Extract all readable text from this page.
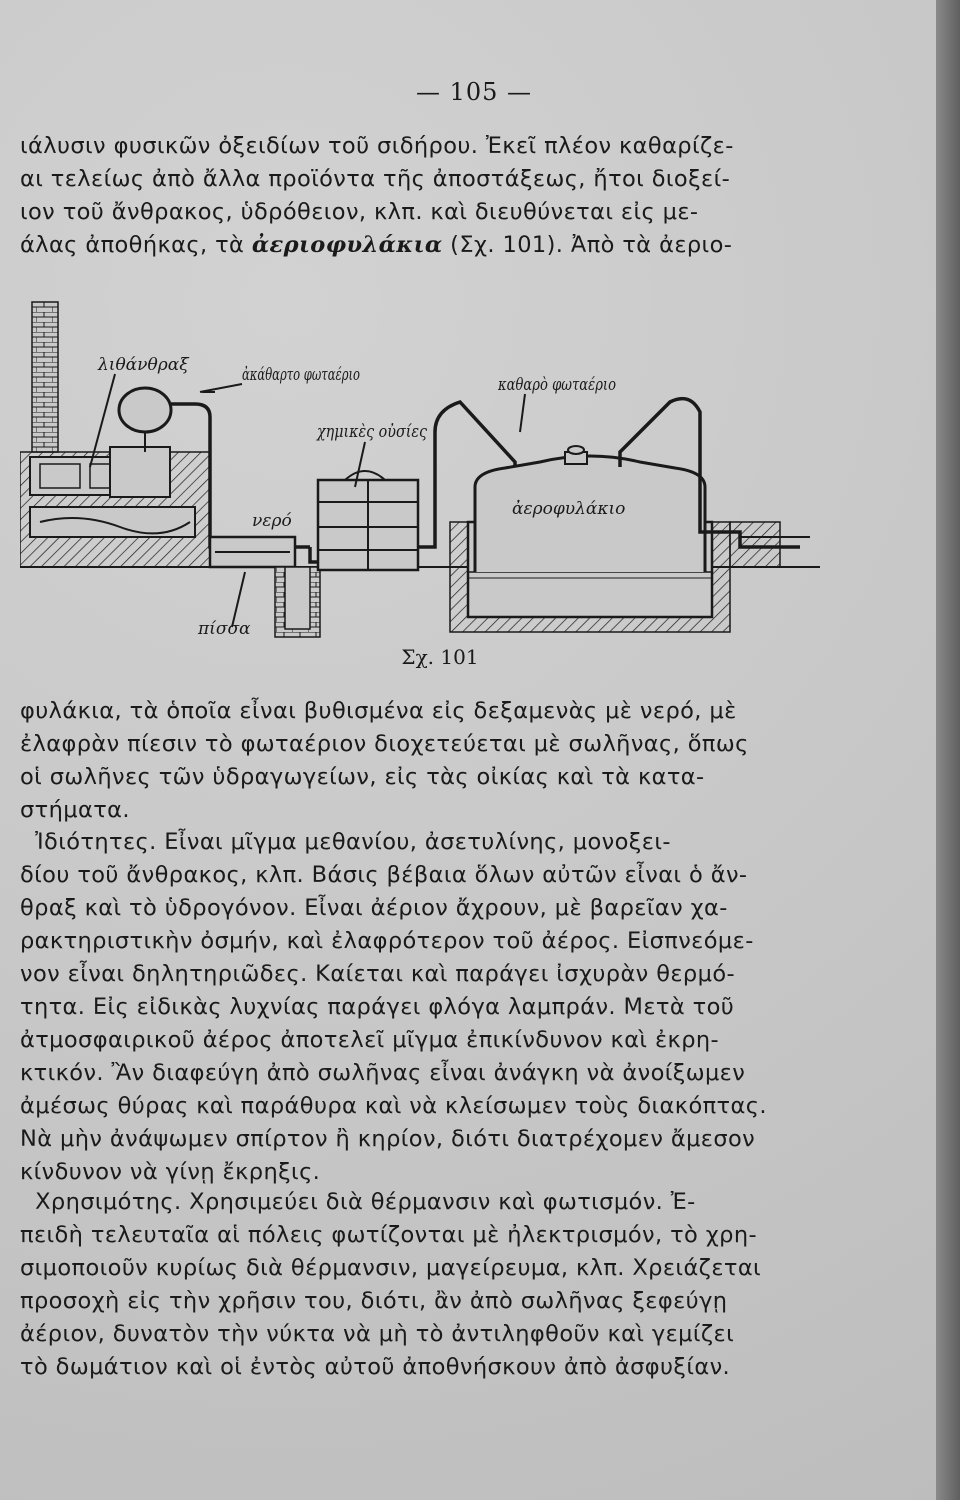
— 105 —
ιάλυσιν φυσικῶν ὀξειδίων τοῦ σιδήρου. Ἐκεῖ πλέον καθαρίζε-
αι τελείως ἀπὸ ἄλλα προϊόντα τῆς ἀποστάξεως, ἤτοι διοξεί-
ιον τοῦ ἄνθρακος, ὑδρόθειον, κλπ. καὶ διευθύνεται εἰς με-
άλας ἀποθήκας, τὰ ἀεριοφυλάκια (Σχ. 101). Ἀπὸ τὰ ἀεριο-
λιθάνθραξ	ἀκάθαρτο φωταέριο
χημικὲς οὐσίες
καθαρὸ φωταέριο
νερό
ἀεροφυλάκιο
πίσσα
Σχ. 101
φυλάκια, τὰ ὁποῖα εἶναι βυθισμένα εἰς δεξαμενὰς μὲ νερό, μὲ
ἐλαφρὰν πίεσιν τὸ φωταέριον διοχετεύεται μὲ σωλῆνας, ὅπως
οἱ σωλῆνες τῶν ὑδραγωγείων, εἰς τὰς οἰκίας καὶ τὰ κατα-
στήματα.
Ἰδιότητες. Εἶναι μῖγμα μεθανίου, ἀσετυλίνης, μονοξει-
δίου τοῦ ἄνθρακος, κλπ. Βάσις βέβαια ὅλων αὐτῶν εἶναι ὁ ἄν-
θραξ καὶ τὸ ὑδρογόνον. Εἶναι ἀέριον ἄχρουν, μὲ βαρεῖαν χα-
ρακτηριστικὴν ὀσμήν, καὶ ἐλαφρότερον τοῦ ἀέρος. Εἰσπνεόμε-
νον εἶναι δηλητηριῶδες. Καίεται καὶ παράγει ἰσχυρὰν θερμό-
τητα. Εἰς εἰδικὰς λυχνίας παράγει φλόγα λαμπράν. Μετὰ τοῦ
ἀτμοσφαιρικοῦ ἀέρος ἀποτελεῖ μῖγμα ἐπικίνδυνον καὶ ἐκρη-
κτικόν. Ἂν διαφεύγη ἀπὸ σωλῆνας εἶναι ἀνάγκη νὰ ἀνοίξωμεν
ἀμέσως θύρας καὶ παράθυρα καὶ νὰ κλείσωμεν τοὺς διακόπτας.
Νὰ μὴν ἀνάψωμεν σπίρτον ἢ κηρίον, διότι διατρέχομεν ἄμεσον
κίνδυνον νὰ γίνῃ ἔκρηξις.
Χρησιμότης. Χρησιμεύει διὰ θέρμανσιν καὶ φωτισμόν. Ἐ-
πειδὴ τελευταῖα αἱ πόλεις φωτίζονται μὲ ἠλεκτρισμόν, τὸ χρη-
σιμοποιοῦν κυρίως διὰ θέρμανσιν, μαγείρευμα, κλπ. Χρειάζεται
προσοχὴ εἰς τὴν χρῆσιν του, διότι, ἂν ἀπὸ σωλῆνας ξεφεύγῃ
ἀέριον, δυνατὸν τὴν νύκτα νὰ μὴ τὸ ἀντιληφθοῦν καὶ γεμίζει
τὸ δωμάτιον καὶ οἱ ἐντὸς αὐτοῦ ἀποθνήσκουν ἀπὸ ἀσφυξίαν.
